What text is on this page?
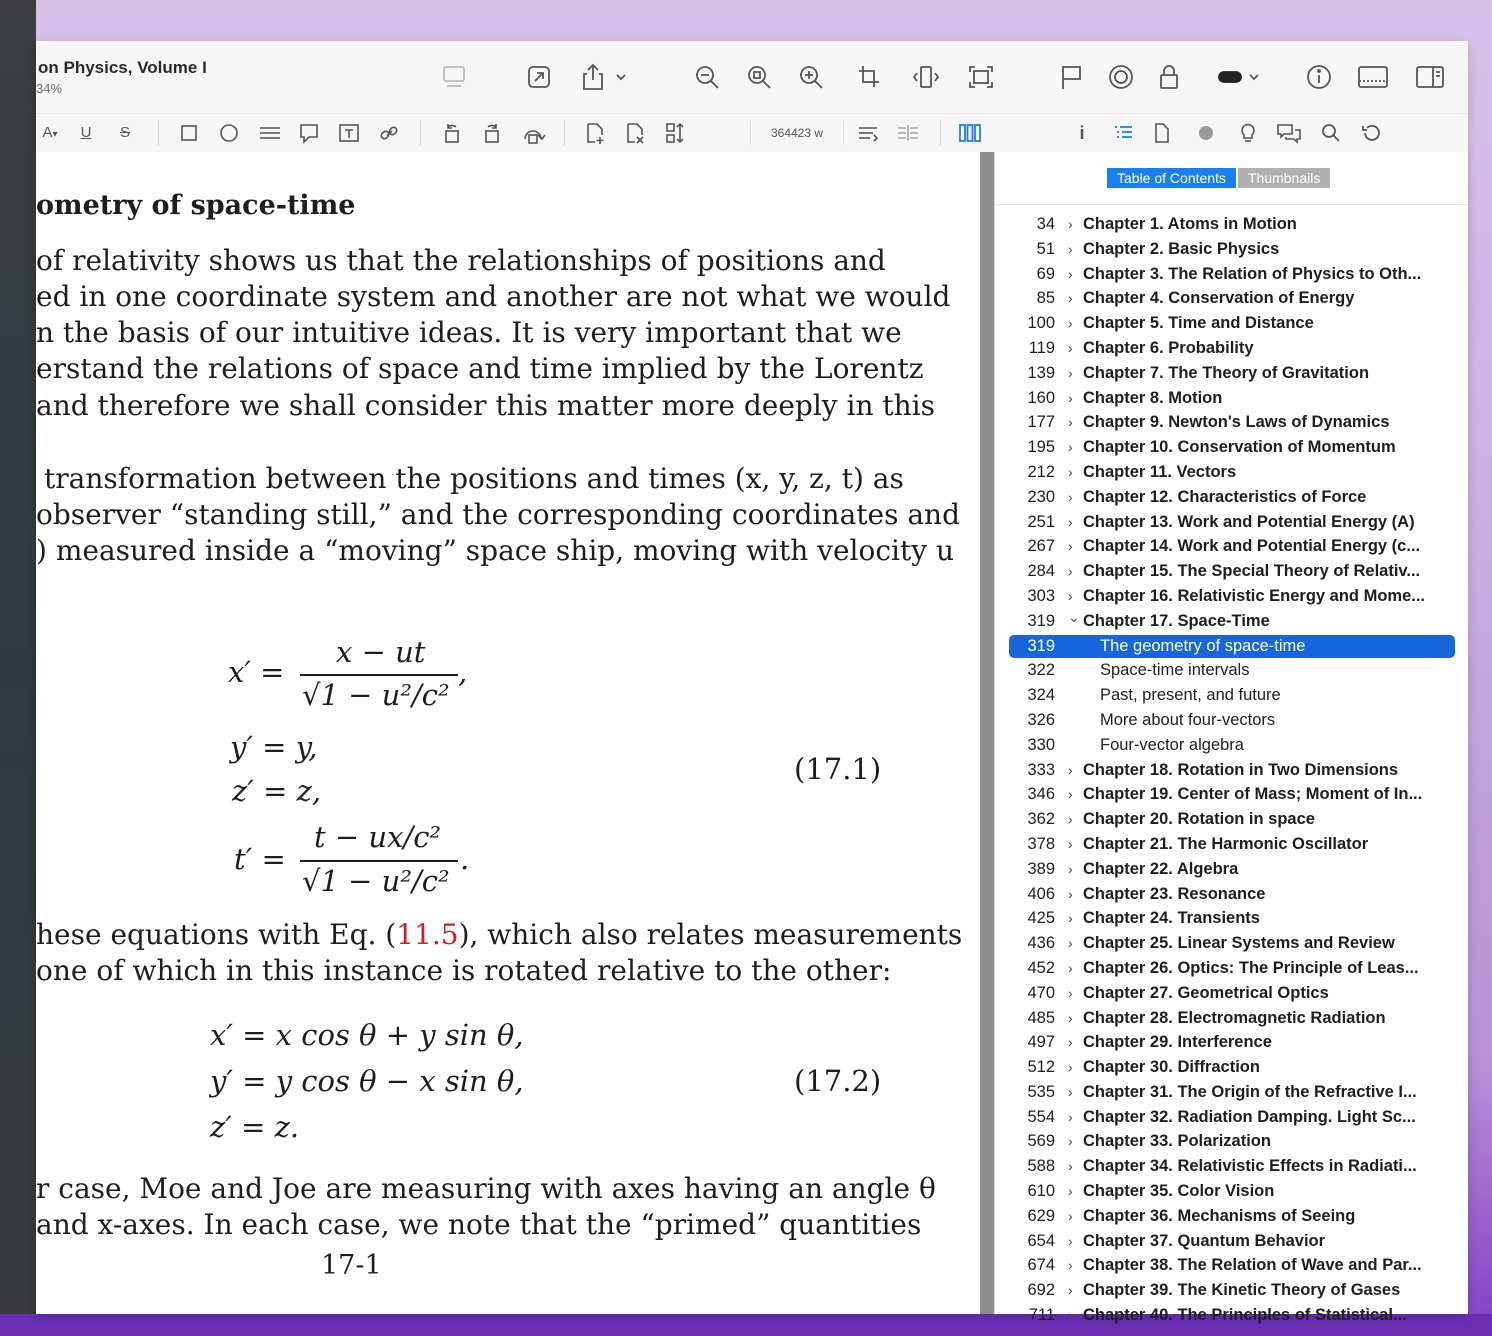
on Physics, Volume I
34%
A▾	U	S	364423 w	i
ometry of space-time
of relativity shows us that the relationships of positions and
ed in one coordinate system and another are not what we would
n the basis of our intuitive ideas. It is very important that we
erstand the relations of space and time implied by the Lorentz
and therefore we shall consider this matter more deeply in this
transformation between the positions and times (x, y, z, t) as
observer “standing still,” and the corresponding coordinates and
) measured inside a “moving” space ship, moving with velocity u
x′ =
x − ut
√1 − u²/c²
,
y′ = y,
z′ = z,
(17.1)
t′ =
t − ux/c²
√1 − u²/c²
.
hese equations with Eq. (11.5), which also relates measurements
one of which in this instance is rotated relative to the other:
x′ = x cos θ + y sin θ,
y′ = y cos θ − x sin θ,
z′ = z.
(17.2)
r case, Moe and Joe are measuring with axes having an angle θ
and x-axes. In each case, we note that the “primed” quantities
17-1
Table of Contents	Thumbnails
34 › Chapter 1. Atoms in Motion
51 › Chapter 2. Basic Physics
69 › Chapter 3. The Relation of Physics to Oth...
85 › Chapter 4. Conservation of Energy
100 › Chapter 5. Time and Distance
119 › Chapter 6. Probability
139 › Chapter 7. The Theory of Gravitation
160 › Chapter 8. Motion
177 › Chapter 9. Newton's Laws of Dynamics
195 › Chapter 10. Conservation of Momentum
212 › Chapter 11. Vectors
230 › Chapter 12. Characteristics of Force
251 › Chapter 13. Work and Potential Energy (A)
267 › Chapter 14. Work and Potential Energy (c...
284 › Chapter 15. The Special Theory of Relativ...
303 › Chapter 16. Relativistic Energy and Mome...
319 ⌄ Chapter 17. Space-Time
319	The geometry of space-time
322	Space-time intervals
324	Past, present, and future
326	More about four-vectors
330	Four-vector algebra
333 › Chapter 18. Rotation in Two Dimensions
346 › Chapter 19. Center of Mass; Moment of In...
362 › Chapter 20. Rotation in space
378 › Chapter 21. The Harmonic Oscillator
389 › Chapter 22. Algebra
406 › Chapter 23. Resonance
425 › Chapter 24. Transients
436 › Chapter 25. Linear Systems and Review
452 › Chapter 26. Optics: The Principle of Leas...
470 › Chapter 27. Geometrical Optics
485 › Chapter 28. Electromagnetic Radiation
497 › Chapter 29. Interference
512 › Chapter 30. Diffraction
535 › Chapter 31. The Origin of the Refractive I...
554 › Chapter 32. Radiation Damping. Light Sc...
569 › Chapter 33. Polarization
588 › Chapter 34. Relativistic Effects in Radiati...
610 › Chapter 35. Color Vision
629 › Chapter 36. Mechanisms of Seeing
654 › Chapter 37. Quantum Behavior
674 › Chapter 38. The Relation of Wave and Par...
692 › Chapter 39. The Kinetic Theory of Gases
711 › Chapter 40. The Principles of Statistical...
